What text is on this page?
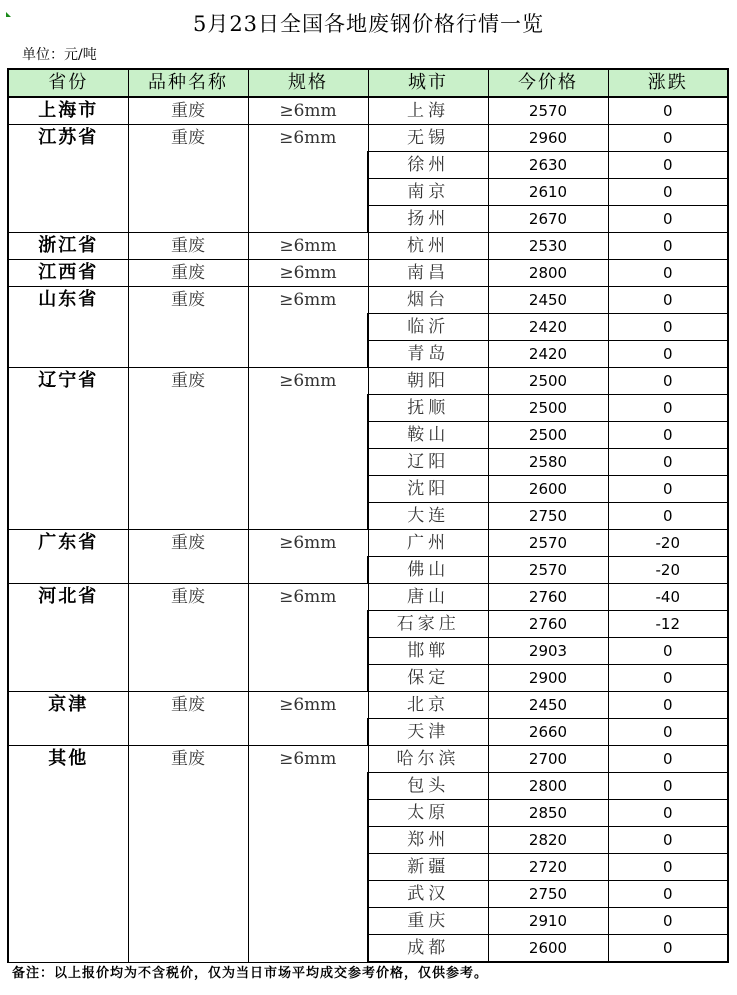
5月23日全国各地废钢价格行情一览
单位：元/吨
省份	品种名称	规格	城市	今价格	涨跌
上海市	重废	≥6mm	上海	2570	0
江苏省	重废	≥6mm	无锡	2960	0
			徐州	2630	0
			南京	2610	0
			扬州	2670	0
浙江省	重废	≥6mm	杭州	2530	0
江西省	重废	≥6mm	南昌	2800	0
山东省	重废	≥6mm	烟台	2450	0
			临沂	2420	0
			青岛	2420	0
辽宁省	重废	≥6mm	朝阳	2500	0
			抚顺	2500	0
			鞍山	2500	0
			辽阳	2580	0
			沈阳	2600	0
			大连	2750	0
广东省	重废	≥6mm	广州	2570	-20
			佛山	2570	-20
河北省	重废	≥6mm	唐山	2760	-40
			石家庄	2760	-12
			邯郸	2903	0
			保定	2900	0
京津	重废	≥6mm	北京	2450	0
			天津	2660	0
其他	重废	≥6mm	哈尔滨	2700	0
			包头	2800	0
			太原	2850	0
			郑州	2820	0
			新疆	2720	0
			武汉	2750	0
			重庆	2910	0
			成都	2600	0
备注：以上报价均为不含税价，仅为当日市场平均成交参考价格，仅供参考。
